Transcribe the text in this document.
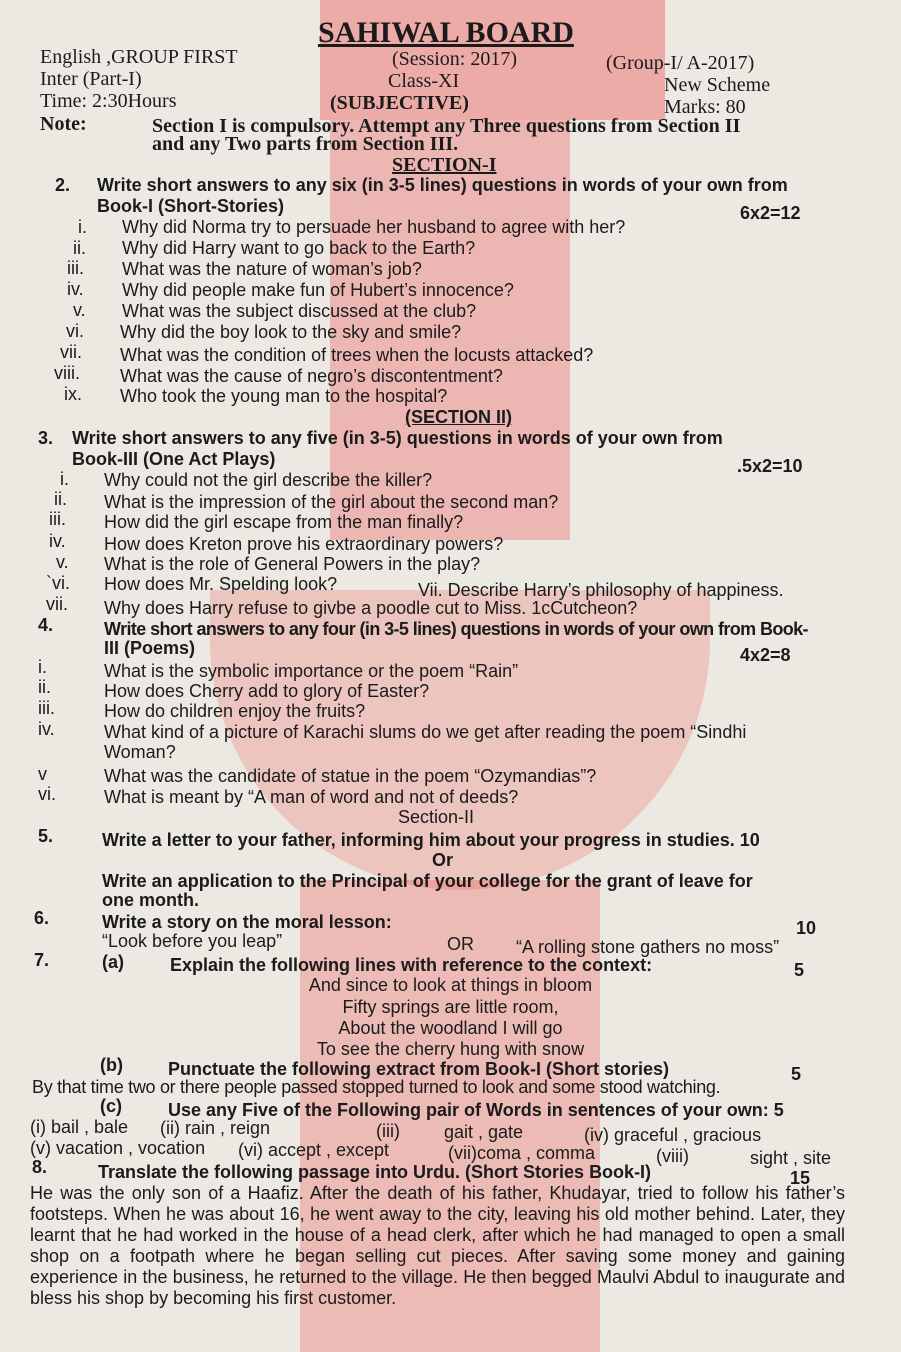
SAHIWAL BOARD
English ,GROUP FIRST	(Session: 2017)	(Group-I/ A-2017)
Inter (Part-I)	Class-XI	New Scheme
Time: 2:30Hours	(SUBJECTIVE)	Marks: 80
Note:	Section I is compulsory. Attempt any Three questions from Section II
and any Two parts from Section III.
SECTION-I
2. Write short answers to any six (in 3-5 lines) questions in words of your own from
Book-I (Short-Stories)	6x2=12
i. Why did Norma try to persuade her husband to agree with her?
ii. Why did Harry want to go back to the Earth?
iii. What was the nature of woman’s job?
iv. Why did people make fun of Hubert’s innocence?
v. What was the subject discussed at the club?
vi. Why did the boy look to the sky and smile?
vii. What was the condition of trees when the locusts attacked?
viii. What was the cause of negro’s discontentment?
ix. Who took the young man to the hospital?
(SECTION II)
3. Write short answers to any five (in 3-5) questions in words of your own from
Book-III (One Act Plays)	.5x2=10
i. Why could not the girl describe the killer?
ii. What is the impression of the girl about the second man?
iii. How did the girl escape from the man finally?
iv. How does Kreton prove his extraordinary powers?
v. What is the role of General Powers in the play?
`vi. How does Mr. Spelding look?	Vii. Describe Harry’s philosophy of happiness.
vii. Why does Harry refuse to givbe a poodle cut to Miss. 1cCutcheon?
4.	Write short answers to any four (in 3-5 lines) questions in words of your own from Book-
III (Poems)	4x2=8
i.	What is the symbolic importance or the poem “Rain”
ii.	How does Cherry add to glory of Easter?
iii.	How do children enjoy the fruits?
iv.	What kind of a picture of Karachi slums do we get after reading the poem “Sindhi
Woman?
v	What was the candidate of statue in the poem “Ozymandias”?
vi.	What is meant by “A man of word and not of deeds?
Section-II
5.	Write a letter to your father, informing him about your progress in studies. 10
Or
Write an application to the Principal of your college for the grant of leave for
one month.
6.	Write a story on the moral lesson:	10
“Look before you leap”	OR “A rolling stone gathers no moss”
7.	(a)	Explain the following lines with reference to the context:	5
And since to look at things in bloom
Fifty springs are little room,
About the woodland I will go
To see the cherry hung with snow
(b)	Punctuate the following extract from Book-I (Short stories)	5
By that time two or there people passed stopped turned to look and some stood watching.
(c)	Use any Five of the Following pair of Words in sentences of your own: 5
(i) bail , bale (ii) rain , reign	(iii) gait , gate	(iv) graceful , gracious
(v) vacation , vocation (vi) accept , except	(vii)coma , comma	(viii)	sight , site
8.	Translate the following passage into Urdu. (Short Stories Book-I)	15
He was the only son of a Haafiz. After the death of his father, Khudayar, tried to follow his father’s footsteps. When he was about 16, he went away to the city, leaving his old mother behind. Later, they learnt that he had worked in the house of a head clerk, after which he had managed to open a small shop on a footpath where he began selling cut pieces. After saving some money and gaining experience in the business, he returned to the village. He then begged Maulvi Abdul to inaugurate and bless his shop by becoming his first customer.
